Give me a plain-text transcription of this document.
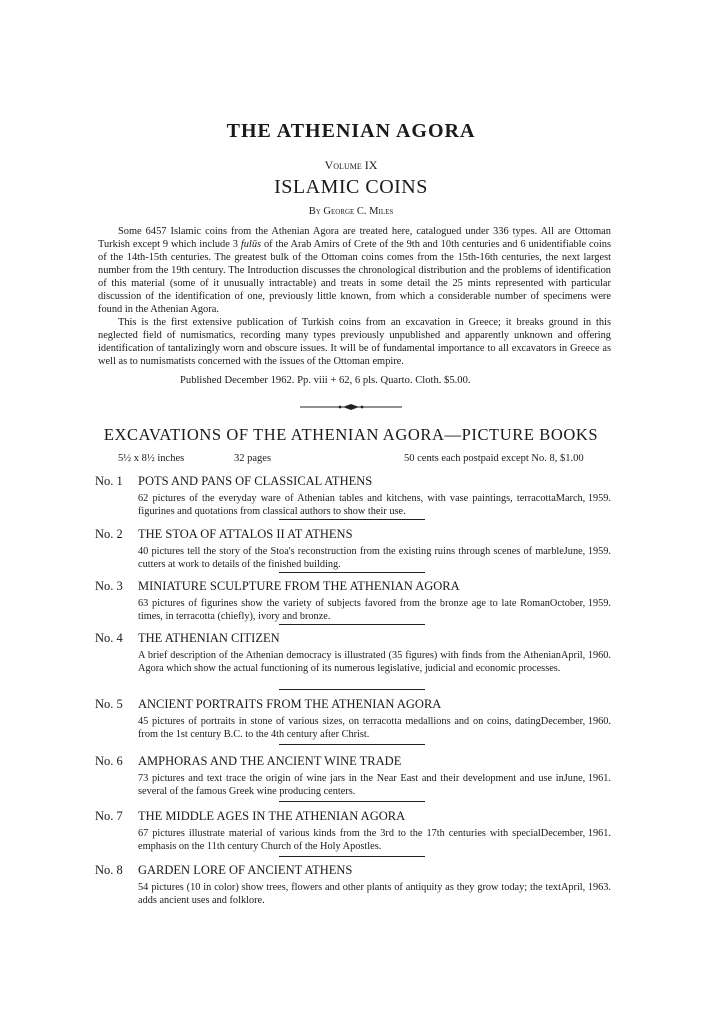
THE ATHENIAN AGORA
Volume IX
ISLAMIC COINS
By George C. Miles

Some 6457 Islamic coins from the Athenian Agora are treated here, catalogued under 336 types. All are Ottoman Turkish except 9 which include 3 fulūs of the Arab Amirs of Crete of the 9th and 10th centuries and 6 unidentifiable coins of the 14th-15th centuries. The greatest bulk of the Ottoman coins comes from the 15th-16th centuries, the next largest number from the 19th century. The Introduction discusses the chronological distribution and the problems of identification of this material (some of it unusually intractable) and treats in some detail the 25 mints represented with particular discussion of the identification of one, previously little known, from which a considerable number of specimens were found in the Athenian Agora.

This is the first extensive publication of Turkish coins from an excavation in Greece; it breaks ground in this neglected field of numismatics, recording many types previously unpublished and apparently unknown and offering identification of tantalizingly worn and obscure issues. It will be of fundamental importance to all excavators in Greece as well as to numismatists concerned with the issues of the Ottoman empire.

Published December 1962. Pp. viii + 62, 6 pls. Quarto. Cloth. $5.00.
EXCAVATIONS OF THE ATHENIAN AGORA—PICTURE BOOKS
5½ x 8½ inches	32 pages	50 cents each postpaid except No. 8, $1.00
No. 1 POTS AND PANS OF CLASSICAL ATHENS
March, 1959.
62 pictures of the everyday ware of Athenian tables and kitchens, with vase paintings, terracotta figurines and quotations from classical authors to show their use.
No. 2 THE STOA OF ATTALOS II AT ATHENS
June, 1959.
40 pictures tell the story of the Stoa's reconstruction from the existing ruins through scenes of marble cutters at work to details of the finished building.
No. 3 MINIATURE SCULPTURE FROM THE ATHENIAN AGORA
October, 1959.
63 pictures of figurines show the variety of subjects favored from the bronze age to late Roman times, in terracotta (chiefly), ivory and bronze.
No. 4 THE ATHENIAN CITIZEN
April, 1960.
A brief description of the Athenian democracy is illustrated (35 figures) with finds from the Athenian Agora which show the actual functioning of its numerous legislative, judicial and economic processes.
No. 5 ANCIENT PORTRAITS FROM THE ATHENIAN AGORA
December, 1960.
45 pictures of portraits in stone of various sizes, on terracotta medallions and on coins, dating from the 1st century B.C. to the 4th century after Christ.
No. 6 AMPHORAS AND THE ANCIENT WINE TRADE
June, 1961.
73 pictures and text trace the origin of wine jars in the Near East and their development and use in several of the famous Greek wine producing centers.
No. 7 THE MIDDLE AGES IN THE ATHENIAN AGORA
December, 1961.
67 pictures illustrate material of various kinds from the 3rd to the 17th centuries with special emphasis on the 11th century Church of the Holy Apostles.
No. 8 GARDEN LORE OF ANCIENT ATHENS
April, 1963.
54 pictures (10 in color) show trees, flowers and other plants of antiquity as they grow today; the text adds ancient uses and folklore.
